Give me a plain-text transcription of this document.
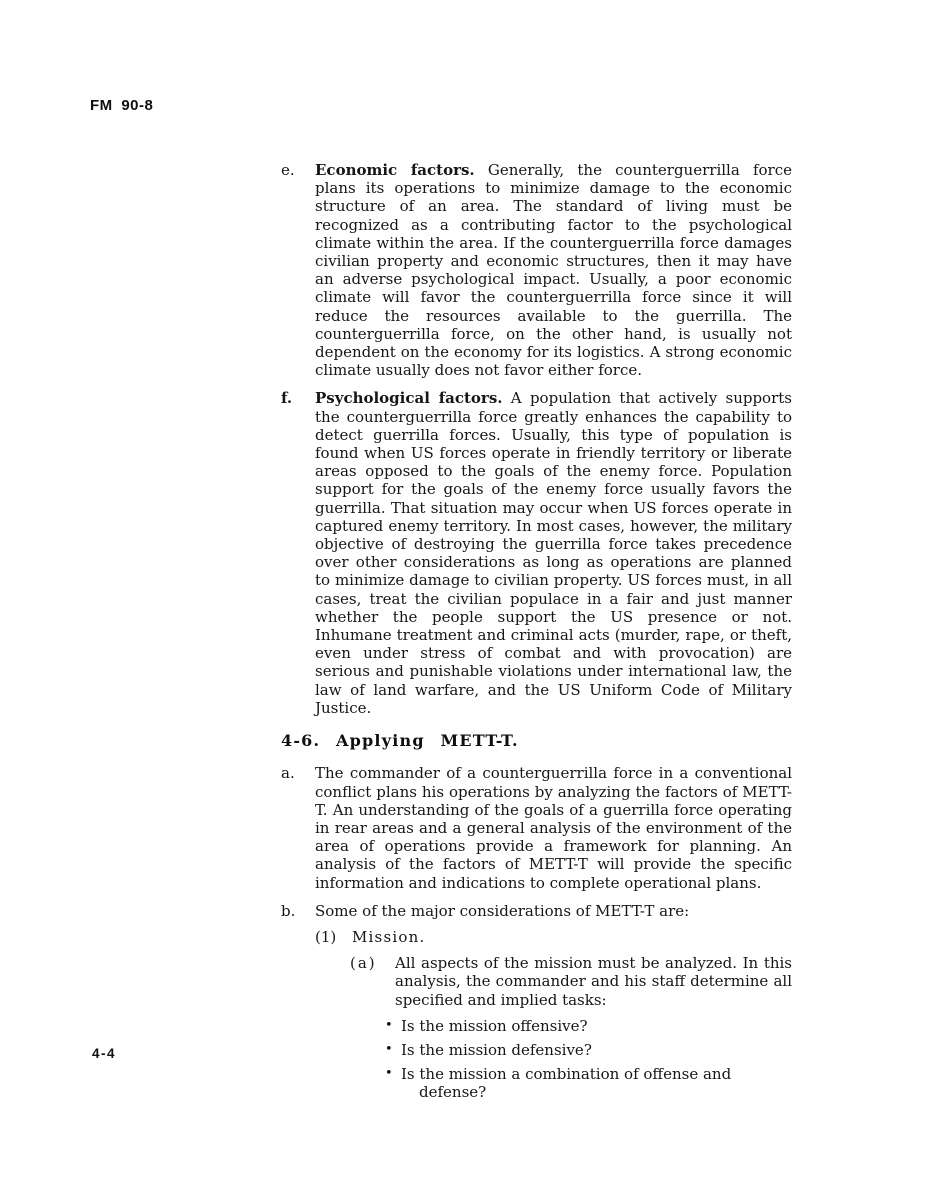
FM 90-8
e.	Economic factors. Generally, the counterguerrilla force plans its operations to minimize damage to the economic structure of an area. The standard of living must be recognized as a contributing factor to the psychological climate within the area. If the counterguerrilla force damages civilian property and economic structures, then it may have an adverse psychological impact. Usually, a poor economic climate will favor the counterguerrilla force since it will reduce the resources available to the guerrilla. The counterguerrilla force, on the other hand, is usually not dependent on the economy for its logistics. A strong economic climate usually does not favor either force.
f.	Psychological factors. A population that actively supports the counterguerrilla force greatly enhances the capability to detect guerrilla forces. Usually, this type of population is found when US forces operate in friendly territory or liberate areas opposed to the goals of the enemy force. Population support for the goals of the enemy force usually favors the guerrilla. That situation may occur when US forces operate in captured enemy territory. In most cases, however, the military objective of destroying the guerrilla force takes precedence over other considerations as long as operations are planned to minimize damage to civilian property. US forces must, in all cases, treat the civilian populace in a fair and just manner whether the people support the US presence or not. Inhumane treatment and criminal acts (murder, rape, or theft, even under stress of combat and with provocation) are serious and punishable violations under international law, the law of land warfare, and the US Uniform Code of Military Justice.
4-6. Applying METT-T.
a.	The commander of a counterguerrilla force in a conventional conflict plans his operations by analyzing the factors of METT-T. An understanding of the goals of a guerrilla force operating in rear areas and a general analysis of the environment of the area of operations provide a framework for planning. An analysis of the factors of METT-T will provide the specific information and indications to complete operational plans.
b.	Some of the major considerations of METT-T are:
(1)	Mission.
(a)	All aspects of the mission must be analyzed. In this analysis, the commander and his staff determine all specified and implied tasks:
• Is the mission offensive?
• Is the mission defensive?
• Is the mission a combination of offense and defense?
4-4
